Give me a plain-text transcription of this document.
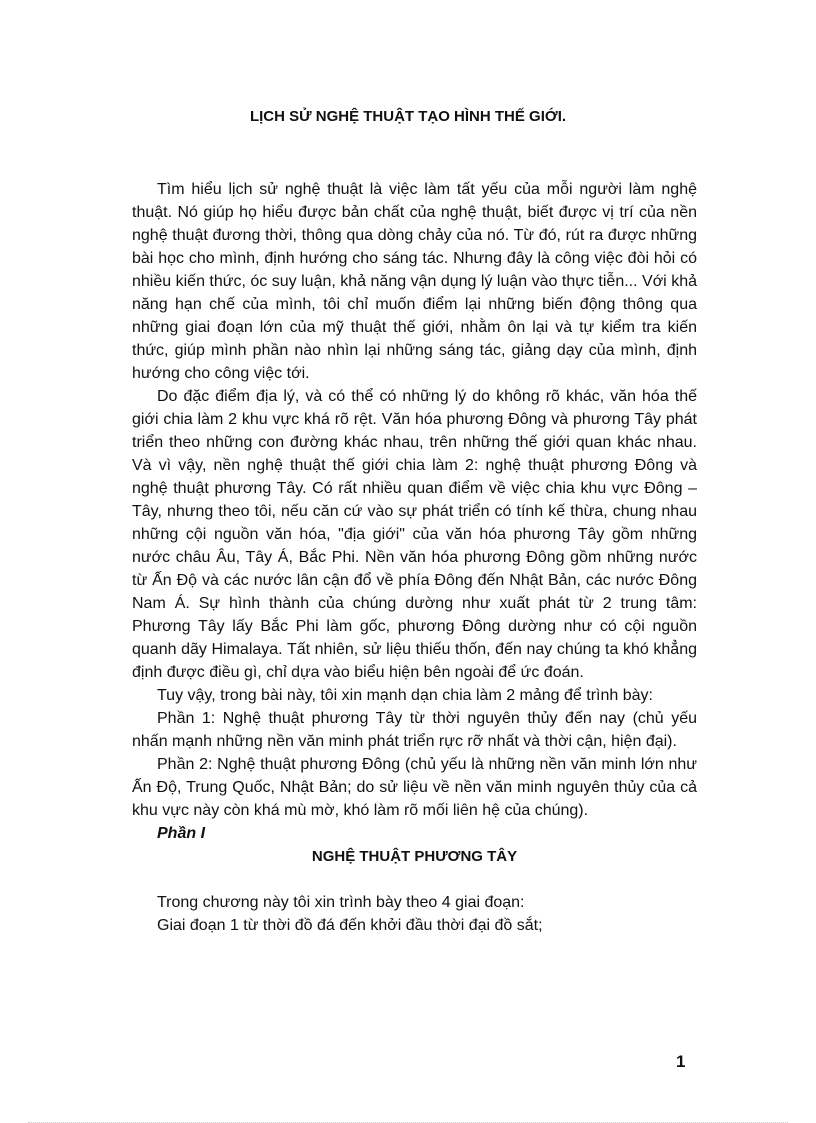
LỊCH SỬ NGHỆ THUẬT TẠO HÌNH THẾ GIỚI.

Tìm hiểu lịch sử nghệ thuật là việc làm tất yếu của mỗi người làm nghệ thuật. Nó giúp họ hiểu được bản chất của nghệ thuật, biết được vị trí của nền nghệ thuật đương thời, thông qua dòng chảy của nó. Từ đó, rút ra được những bài học cho mình, định hướng cho sáng tác. Nhưng đây là công việc đòi hỏi có nhiều kiến thức, óc suy luận, khả năng vận dụng lý luận vào thực tiễn... Với khả năng hạn chế của mình, tôi chỉ muốn điểm lại những biến động thông qua những giai đoạn lớn của mỹ thuật thế giới, nhằm ôn lại và tự kiểm tra kiến thức, giúp mình phần nào nhìn lại những sáng tác, giảng dạy của mình, định hướng cho công việc tới.

Do đặc điểm địa lý, và có thể có những lý do không rõ khác, văn hóa thế giới chia làm 2 khu vực khá rõ rệt. Văn hóa phương Đông và phương Tây phát triển theo những con đường khác nhau, trên những thế giới quan khác nhau. Và vì vậy, nền nghệ thuật thế giới chia làm 2: nghệ thuật phương Đông và nghệ thuật phương Tây. Có rất nhiều quan điểm về việc chia khu vực Đông – Tây, nhưng theo tôi, nếu căn cứ vào sự phát triển có tính kế thừa, chung nhau những cội nguồn văn hóa, "địa giới" của văn hóa phương Tây gồm những nước châu Âu, Tây Á, Bắc Phi. Nền văn hóa phương Đông gồm những nước từ Ấn Độ và các nước lân cận đổ về phía Đông đến Nhật Bản, các nước Đông Nam Á. Sự hình thành của chúng dường như xuất phát từ 2 trung tâm: Phương Tây lấy Bắc Phi làm gốc, phương Đông dường như có cội nguồn quanh dãy Himalaya. Tất nhiên, sử liệu thiếu thốn, đến nay chúng ta khó khẳng định được điều gì, chỉ dựa vào biểu hiện bên ngoài để ức đoán.

Tuy vậy, trong bài này, tôi xin mạnh dạn chia làm 2 mảng để trình bày:

Phần 1: Nghệ thuật phương Tây từ thời nguyên thủy đến nay (chủ yếu nhấn mạnh những nền văn minh phát triển rực rỡ nhất và thời cận, hiện đại).

Phần 2: Nghệ thuật phương Đông (chủ yếu là những nền văn minh lớn như Ấn Độ, Trung Quốc, Nhật Bản; do sử liệu về nền văn minh nguyên thủy của cả khu vực này còn khá mù mờ, khó làm rõ mối liên hệ của chúng).

Phần I

NGHỆ THUẬT PHƯƠNG TÂY

Trong chương này tôi xin trình bày theo 4 giai đoạn:

Giai đoạn 1 từ thời đồ đá đến khởi đầu thời đại đồ sắt;

1
